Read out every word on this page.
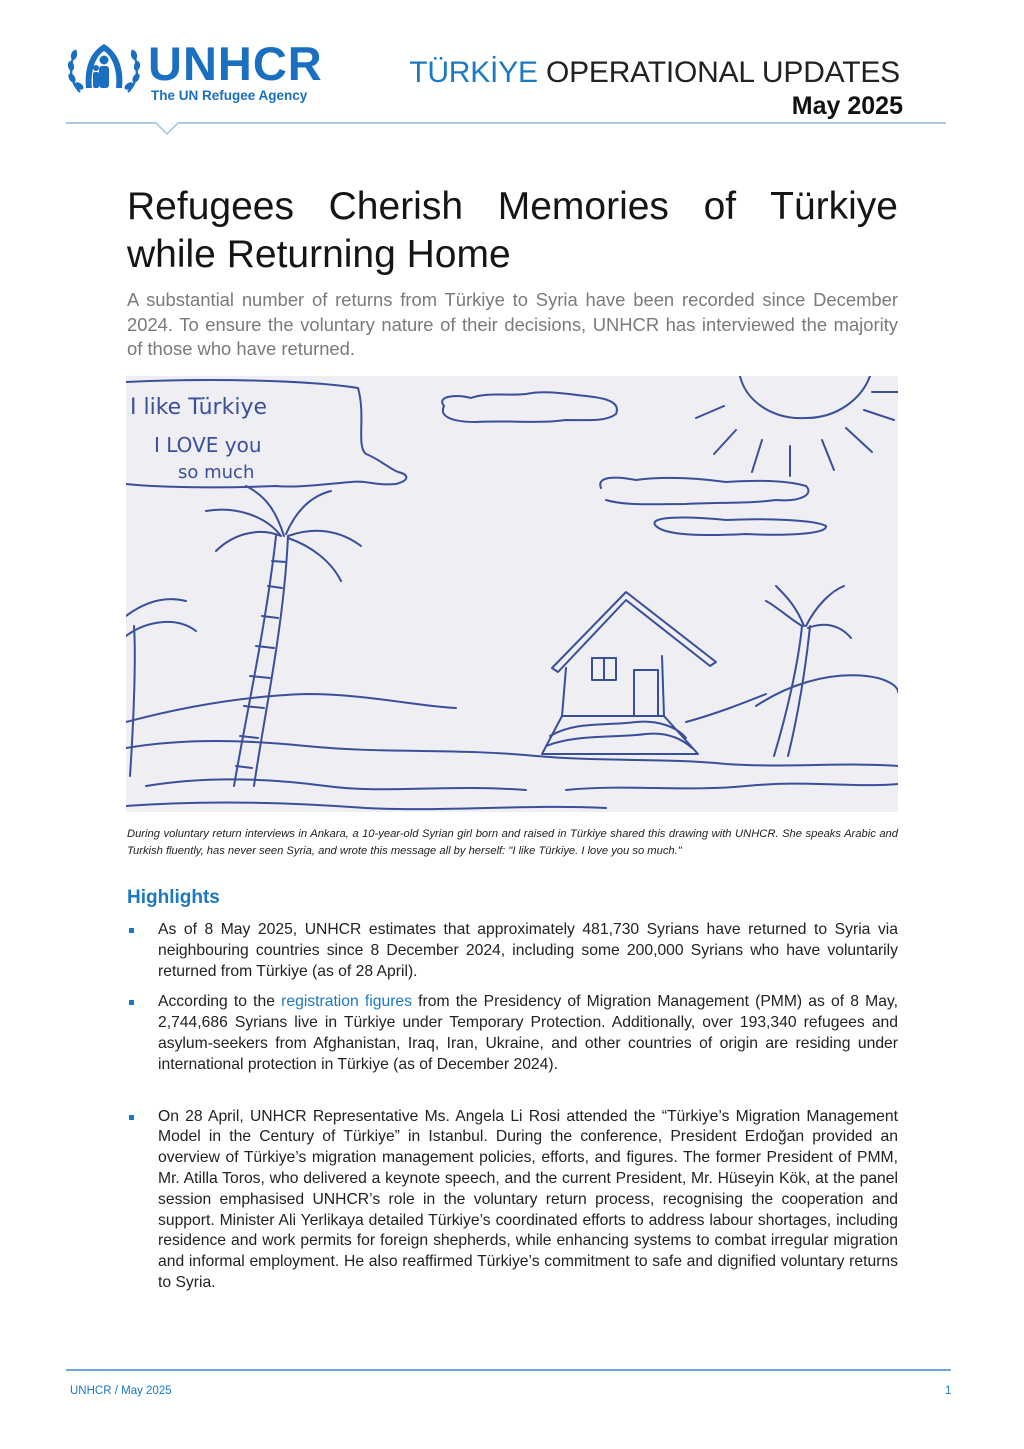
UNHCR
The UN Refugee Agency
TÜRKİYE OPERATIONAL UPDATES
May 2025
Refugees Cherish Memories of Türkiye while Returning Home
A substantial number of returns from Türkiye to Syria have been recorded since December 2024. To ensure the voluntary nature of their decisions, UNHCR has interviewed the majority of those who have returned.
I like Türkiye
I LOVE you
so much
During voluntary return interviews in Ankara, a 10-year-old Syrian girl born and raised in Türkiye shared this drawing with UNHCR. She speaks Arabic and Turkish fluently, has never seen Syria, and wrote this message all by herself: "I like Türkiye. I love you so much."
Highlights
As of 8 May 2025, UNHCR estimates that approximately 481,730 Syrians have returned to Syria via neighbouring countries since 8 December 2024, including some 200,000 Syrians who have voluntarily returned from Türkiye (as of 28 April).
According to the registration figures from the Presidency of Migration Management (PMM) as of 8 May, 2,744,686 Syrians live in Türkiye under Temporary Protection. Additionally, over 193,340 refugees and asylum-seekers from Afghanistan, Iraq, Iran, Ukraine, and other countries of origin are residing under international protection in Türkiye (as of December 2024).
On 28 April, UNHCR Representative Ms. Angela Li Rosi attended the “Türkiye’s Migration Management Model in the Century of Türkiye” in Istanbul. During the conference, President Erdoğan provided an overview of Türkiye’s migration management policies, efforts, and figures. The former President of PMM, Mr. Atilla Toros, who delivered a keynote speech, and the current President, Mr. Hüseyin Kök, at the panel session emphasised UNHCR’s role in the voluntary return process, recognising the cooperation and support. Minister Ali Yerlikaya detailed Türkiye’s coordinated efforts to address labour shortages, including residence and work permits for foreign shepherds, while enhancing systems to combat irregular migration and informal employment. He also reaffirmed Türkiye’s commitment to safe and dignified voluntary returns to Syria.
UNHCR / May 2025	1
